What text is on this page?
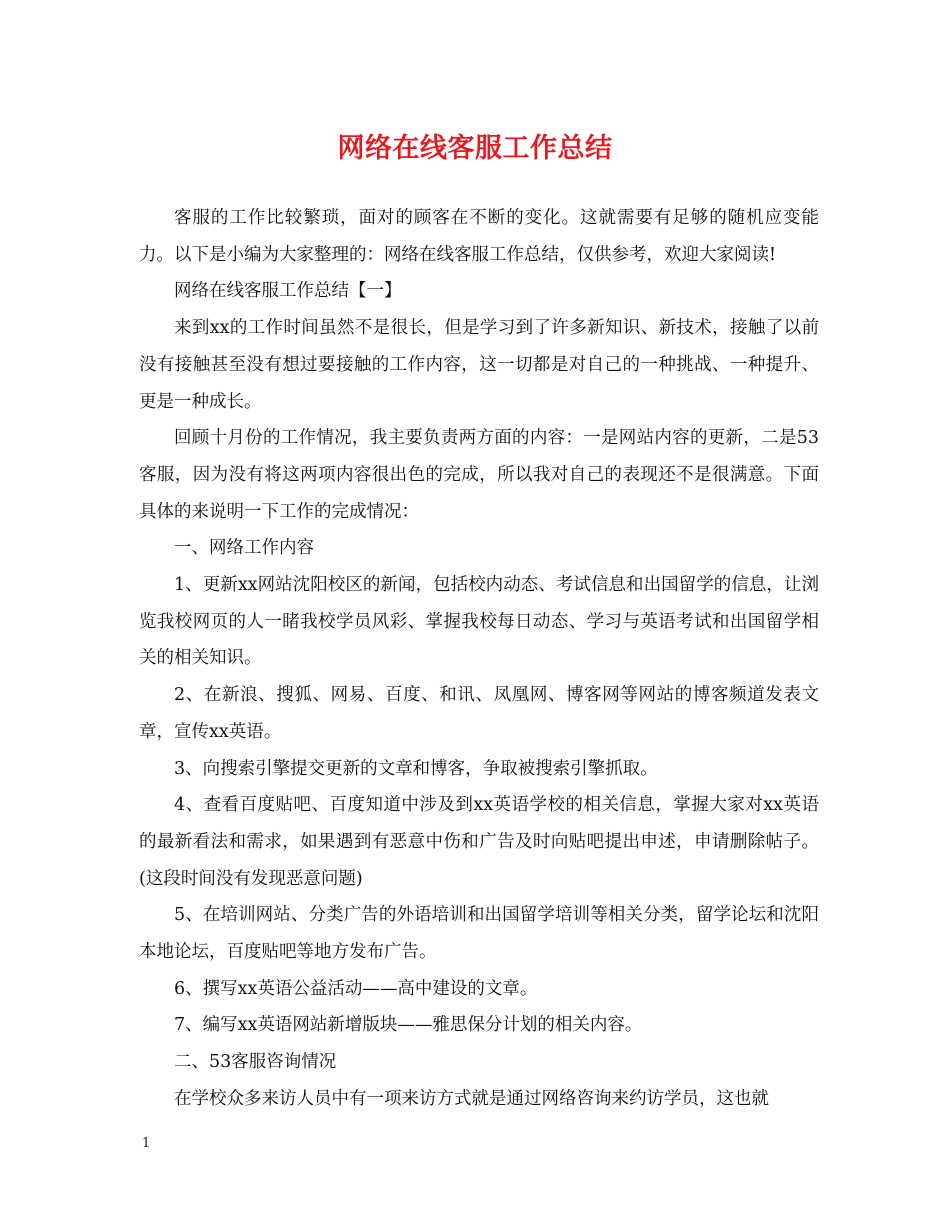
网络在线客服工作总结

客服的工作比较繁琐，面对的顾客在不断的变化。这就需要有足够的随机应变能力。以下是小编为大家整理的：网络在线客服工作总结，仅供参考，欢迎大家阅读!

网络在线客服工作总结【一】

来到xx的工作时间虽然不是很长，但是学习到了许多新知识、新技术，接触了以前没有接触甚至没有想过要接触的工作内容，这一切都是对自己的一种挑战、一种提升、更是一种成长。

回顾十月份的工作情况，我主要负责两方面的内容：一是网站内容的更新，二是53客服，因为没有将这两项内容很出色的完成，所以我对自己的表现还不是很满意。下面具体的来说明一下工作的完成情况：

一、网络工作内容

1、更新xx网站沈阳校区的新闻，包括校内动态、考试信息和出国留学的信息，让浏览我校网页的人一睹我校学员风彩、掌握我校每日动态、学习与英语考试和出国留学相关的相关知识。

2、在新浪、搜狐、网易、百度、和讯、凤凰网、博客网等网站的博客频道发表文章，宣传xx英语。

3、向搜索引擎提交更新的文章和博客，争取被搜索引擎抓取。

4、查看百度贴吧、百度知道中涉及到xx英语学校的相关信息，掌握大家对xx英语的最新看法和需求，如果遇到有恶意中伤和广告及时向贴吧提出申述，申请删除帖子。(这段时间没有发现恶意问题)

5、在培训网站、分类广告的外语培训和出国留学培训等相关分类，留学论坛和沈阳本地论坛，百度贴吧等地方发布广告。

6、撰写xx英语公益活动——高中建设的文章。

7、编写xx英语网站新增版块——雅思保分计划的相关内容。

二、53客服咨询情况

在学校众多来访人员中有一项来访方式就是通过网络咨询来约访学员，这也就

1
